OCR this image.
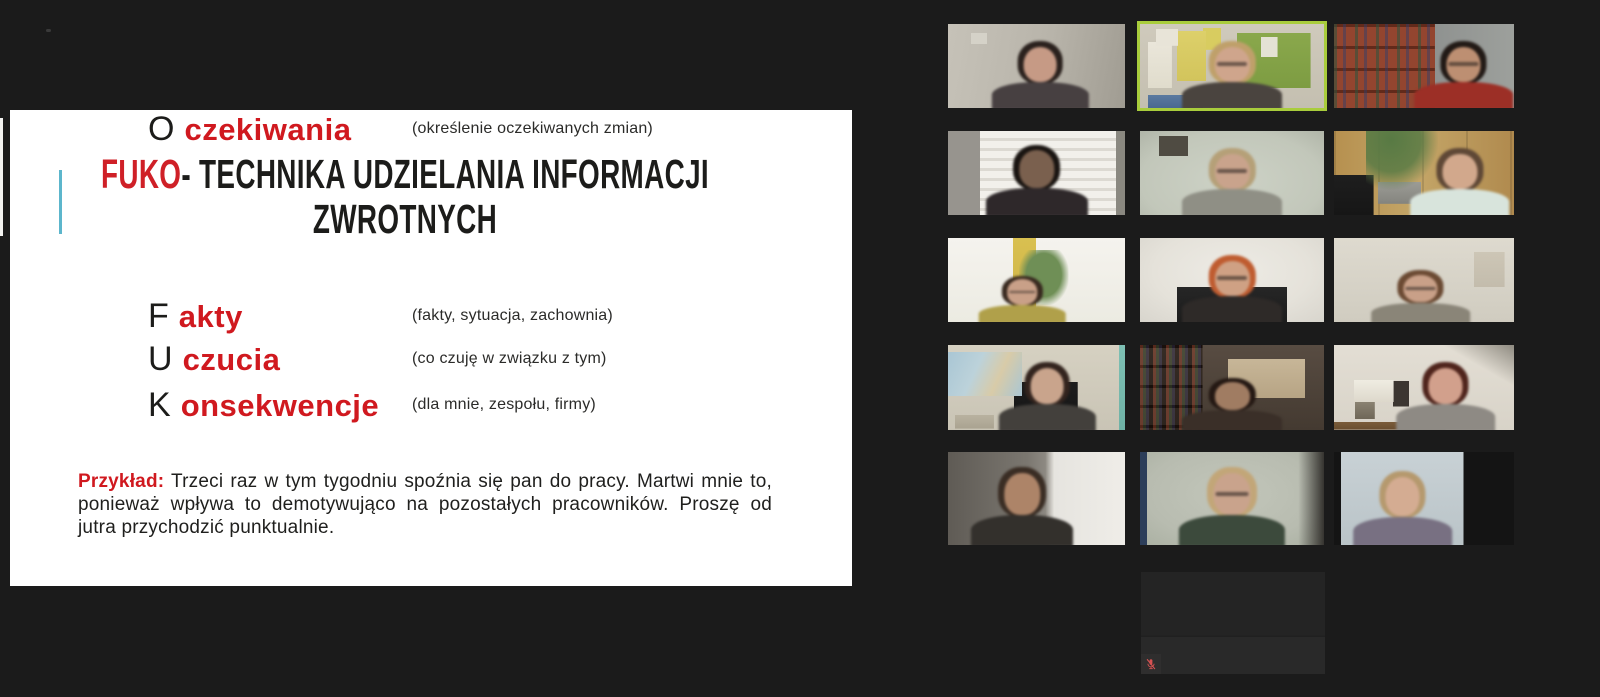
FUKO- TECHNIKA UDZIELANIA INFORMACJI
ZWROTNYCH
F akty	(fakty, sytuacja, zachownia)
U czucia	(co czuję w związku z tym)
K onsekwencje (dla mnie, zespołu, firmy)
O czekiwania	(określenie oczekiwanych zmian)

Przykład: Trzeci raz w tym tygodniu spoźnia się pan do pracy. Martwi mnie to, ponieważ wpływa to demotywująco na pozostałych pracowników. Proszę od jutra przychodzić punktualnie.
